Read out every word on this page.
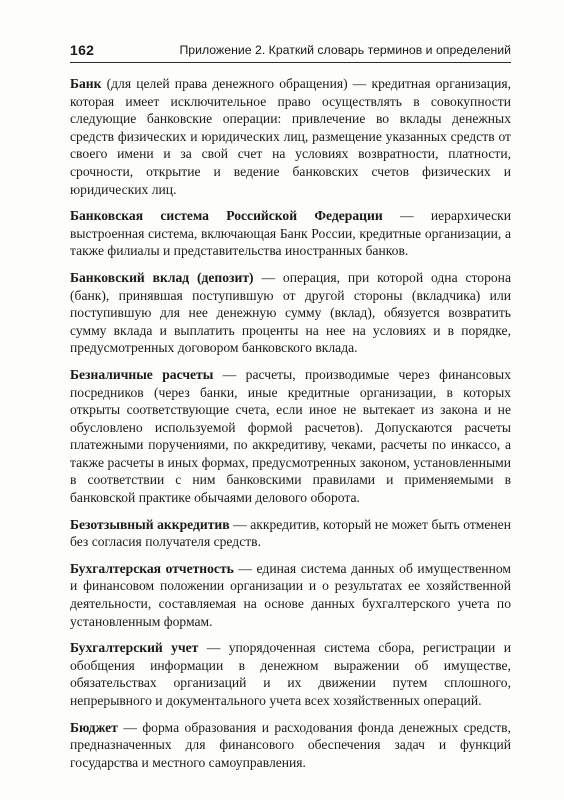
162	Приложение 2. Краткий словарь терминов и определений

Банк (для целей права денежного обращения) — кредитная организация, которая имеет исключительное право осуществлять в совокупности следующие банковские операции: привлечение во вклады денежных средств физических и юридических лиц, размещение указанных средств от своего имени и за свой счет на условиях возвратности, платности, срочности, открытие и ведение банковских счетов физических и юридических лиц.

Банковская система Российской Федерации — иерархически выстроенная система, включающая Банк России, кредитные организации, а также филиалы и представительства иностранных банков.

Банковский вклад (депозит) — операция, при которой одна сторона (банк), принявшая поступившую от другой стороны (вкладчика) или поступившую для нее денежную сумму (вклад), обязуется возвратить сумму вклада и выплатить проценты на нее на условиях и в порядке, предусмотренных договором банковского вклада.

Безналичные расчеты — расчеты, производимые через финансовых посредников (через банки, иные кредитные организации, в которых открыты соответствующие счета, если иное не вытекает из закона и не обусловлено используемой формой расчетов). Допускаются расчеты платежными поручениями, по аккредитиву, чеками, расчеты по инкассо, а также расчеты в иных формах, предусмотренных законом, установленными в соответствии с ним банковскими правилами и применяемыми в банковской практике обычаями делового оборота.

Безотзывный аккредитив — аккредитив, который не может быть отменен без согласия получателя средств.

Бухгалтерская отчетность — единая система данных об имущественном и финансовом положении организации и о результатах ее хозяйственной деятельности, составляемая на основе данных бухгалтерского учета по установленным формам.

Бухгалтерский учет — упорядоченная система сбора, регистрации и обобщения информации в денежном выражении об имуществе, обязательствах организаций и их движении путем сплошного, непрерывного и документального учета всех хозяйственных операций.

Бюджет — форма образования и расходования фонда денежных средств, предназначенных для финансового обеспечения задач и функций государства и местного самоуправления.
